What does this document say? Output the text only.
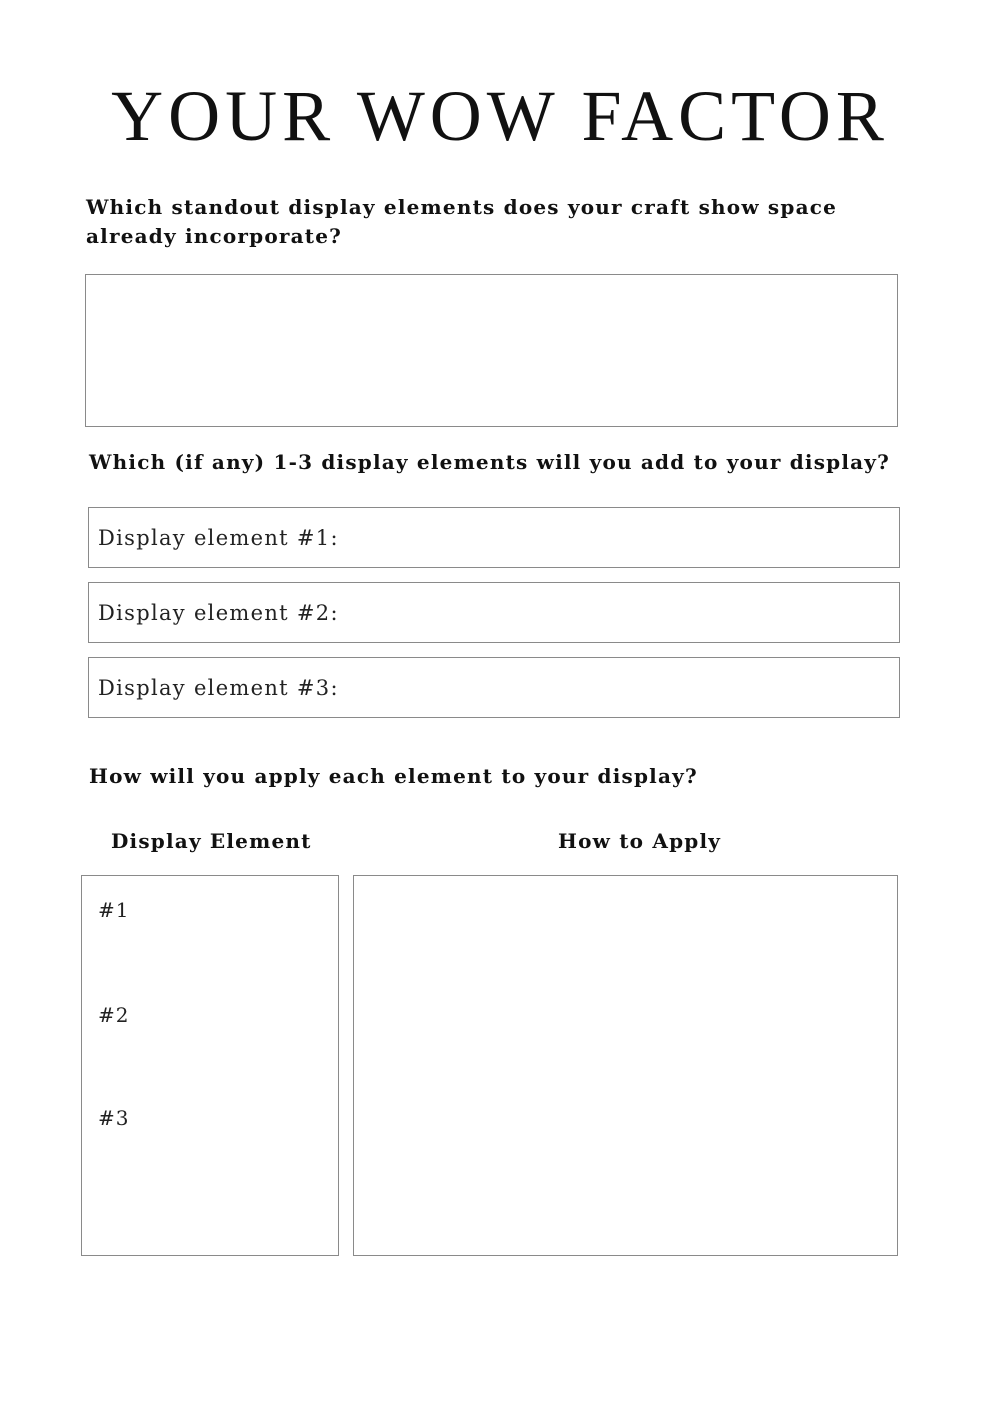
YOUR WOW FACTOR
Which standout display elements does your craft show space already incorporate?
Which (if any) 1-3 display elements will you add to your display?
Display element #1:
Display element #2:
Display element #3:
How will you apply each element to your display?
Display Element	How to Apply
#1
#2
#3
